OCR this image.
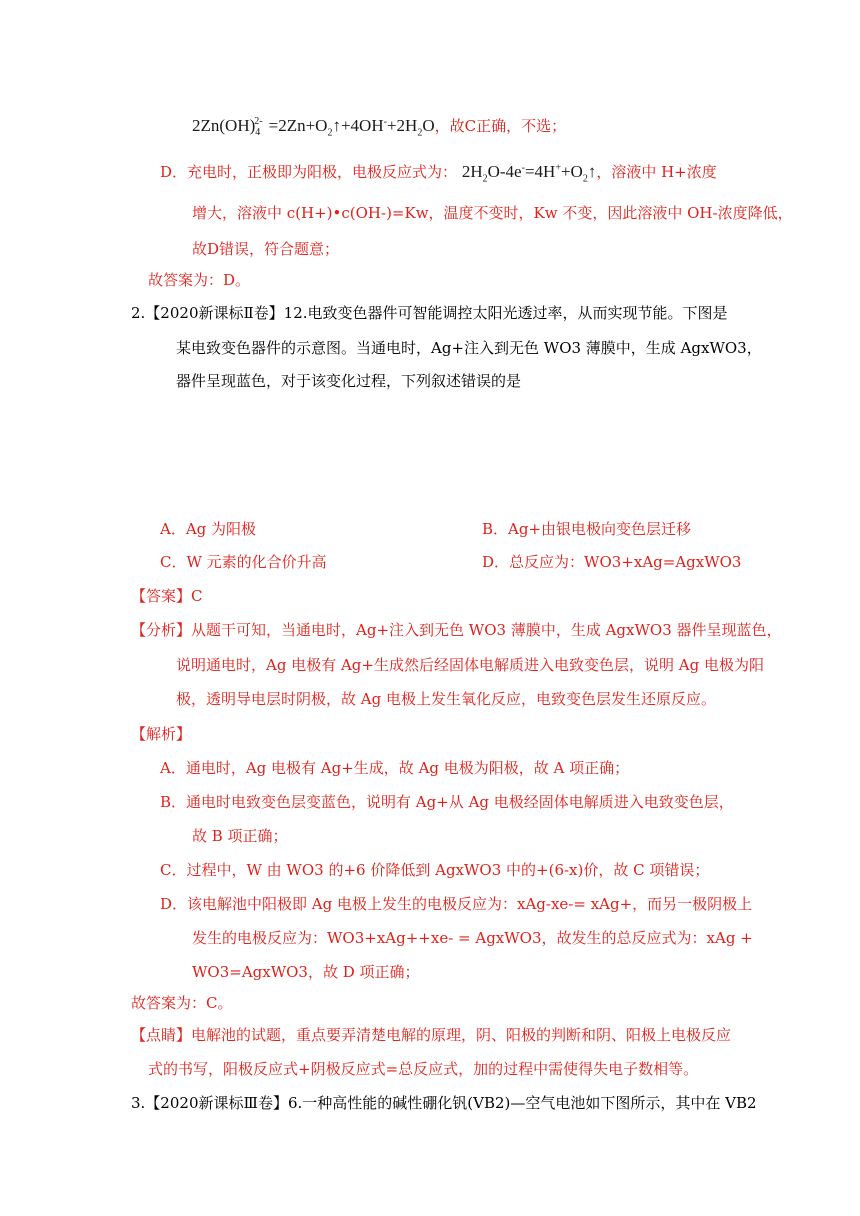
$2Zn(OH)_4^{2-}$ $=2Zn+O_2↑+4OH^-+2H_2O$，故C正确，不选；
D．充电时，正极即为阳极，电极反应式为： $2H_2O-4e^-=4H^++O_2↑$，溶液中 H+浓度
增大，溶液中 c(H+)•c(OH-)=Kw，温度不变时，Kw 不变，因此溶液中 OH-浓度降低，
故D错误，符合题意；
故答案为：D。
2.【2020新课标Ⅱ卷】12.电致变色器件可智能调控太阳光透过率，从而实现节能。下图是
某电致变色器件的示意图。当通电时，Ag+注入到无色 WO3 薄膜中，生成 AgxWO3，
器件呈现蓝色，对于该变化过程，下列叙述错误的是
A．Ag 为阳极	B．Ag+由银电极向变色层迁移
C．W 元素的化合价升高	D．总反应为：WO3+xAg=AgxWO3
【答案】C
【分析】从题干可知，当通电时，Ag+注入到无色 WO3 薄膜中，生成 AgxWO3 器件呈现蓝色，
说明通电时，Ag 电极有 Ag+生成然后经固体电解质进入电致变色层，说明 Ag 电极为阳
极，透明导电层时阴极，故 Ag 电极上发生氧化反应，电致变色层发生还原反应。
【解析】
A．通电时，Ag 电极有 Ag+生成，故 Ag 电极为阳极，故 A 项正确；
B．通电时电致变色层变蓝色，说明有 Ag+从 Ag 电极经固体电解质进入电致变色层，
故 B 项正确；
C．过程中，W 由 WO3 的+6 价降低到 AgxWO3 中的+(6-x)价，故 C 项错误；
D．该电解池中阳极即 Ag 电极上发生的电极反应为：xAg-xe-= xAg+，而另一极阴极上
发生的电极反应为：WO3+xAg++xe- = AgxWO3，故发生的总反应式为：xAg +
WO3=AgxWO3，故 D 项正确；
故答案为：C。
【点睛】电解池的试题，重点要弄清楚电解的原理，阴、阳极的判断和阴、阳极上电极反应
式的书写，阳极反应式+阴极反应式=总反应式，加的过程中需使得失电子数相等。
3.【2020新课标Ⅲ卷】6.一种高性能的碱性硼化钒(VB2)—空气电池如下图所示，其中在 VB2
